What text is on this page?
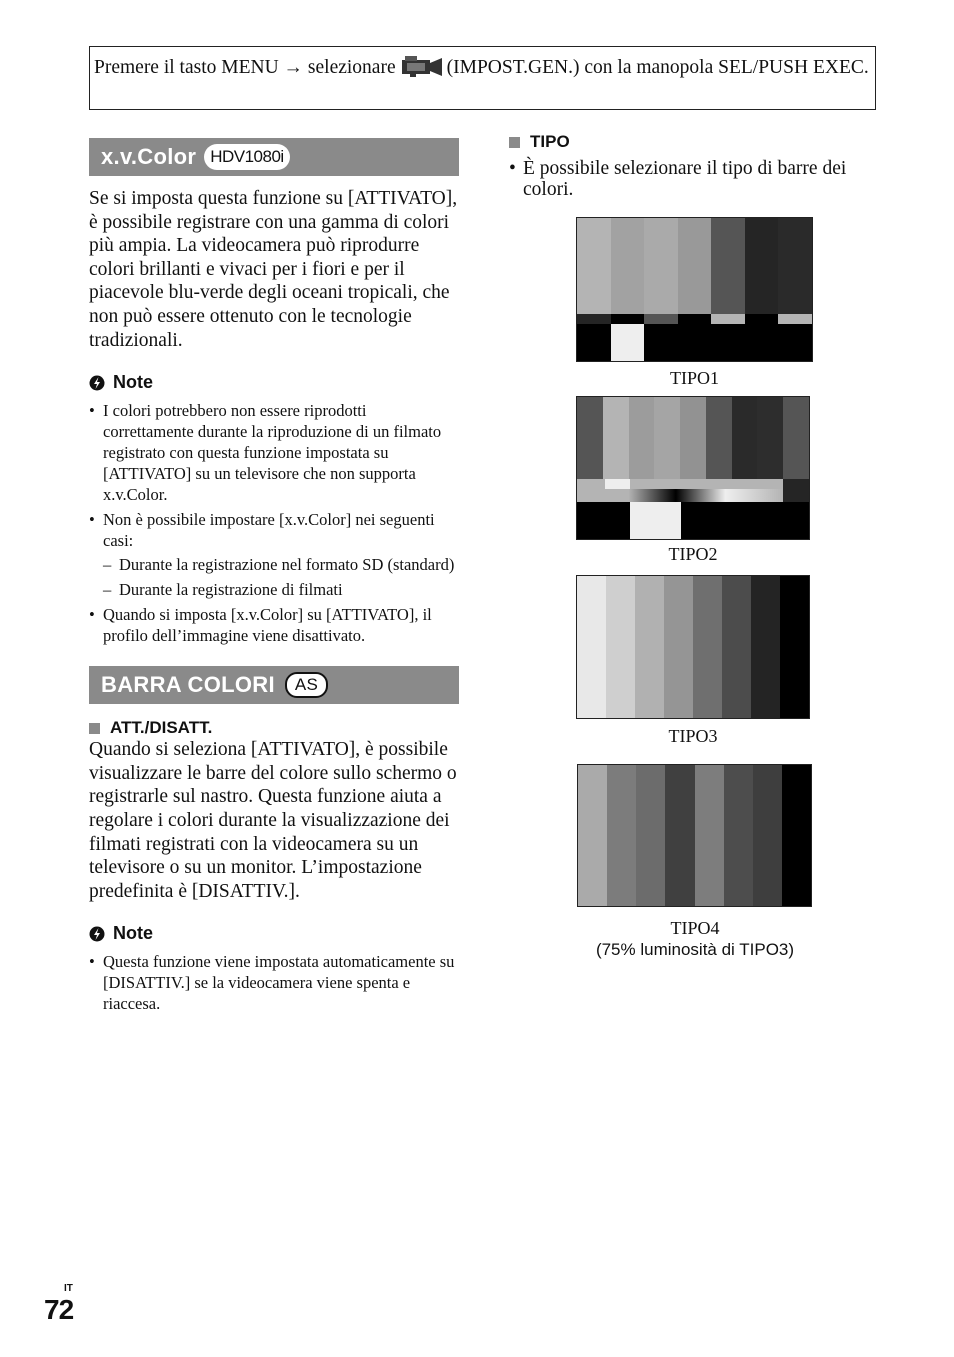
Premere il tasto MENU → selezionare	(IMPOST.GEN.) con la manopola SEL/PUSH EXEC.
x.v.Color HDV1080i

Se si imposta questa funzione su [ATTIVATO], è possibile registrare con una gamma di colori più ampia. La videocamera può riprodurre colori brillanti e vivaci per i fiori e per il piacevole blu-verde degli oceani tropicali, che non può essere ottenuto con le tecnologie tradizionali.

Note
• I colori potrebbero non essere riprodotti correttamente durante la riproduzione di un filmato registrato con questa funzione impostata su [ATTIVATO] su un televisore che non supporta x.v.Color.
• Non è possibile impostare [x.v.Color] nei seguenti casi:
– Durante la registrazione nel formato SD (standard)
– Durante la registrazione di filmati
• Quando si imposta [x.v.Color] su [ATTIVATO], il profilo dell’immagine viene disattivato.
BARRA COLORI	AS
ATT./DISATT.

Quando si seleziona [ATTIVATO], è possibile visualizzare le barre del colore sullo schermo o registrarle sul nastro. Questa funzione aiuta a regolare i colori durante la visualizzazione dei filmati registrati con la videocamera su un televisore o su un monitor. L’impostazione predefinita è [DISATTIV.].

Note
• Questa funzione viene impostata automaticamente su [DISATTIV.] se la videocamera viene spenta e riaccesa.
TIPO
• È possibile selezionare il tipo di barre dei colori.
TIPO1
TIPO2
TIPO3
TIPO4
(75% luminosità di TIPO3)
IT
72
